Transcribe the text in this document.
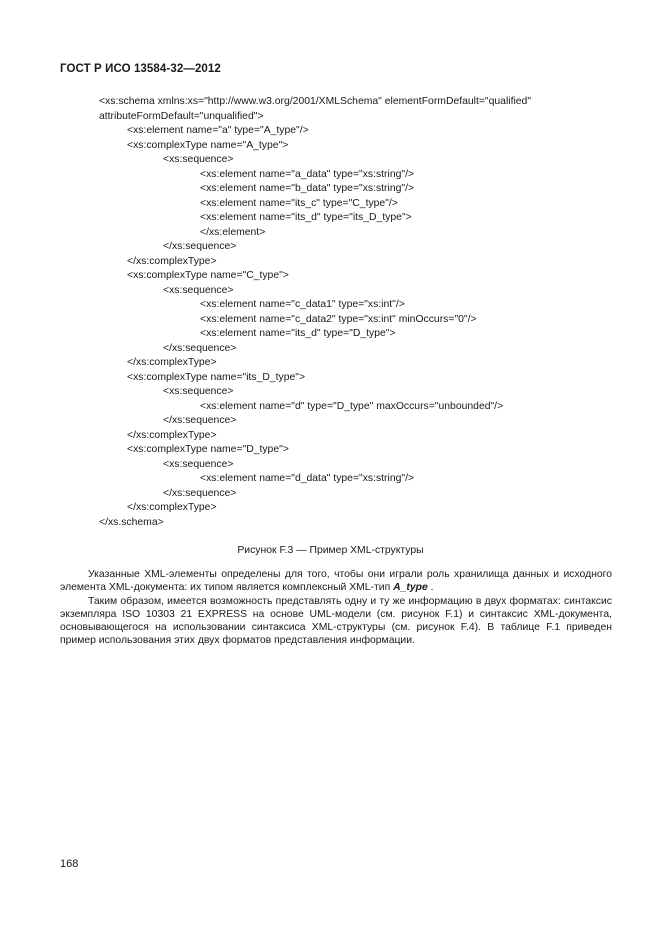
ГОСТ Р ИСО 13584-32—2012
<xs:schema xmlns:xs="http://www.w3.org/2001/XMLSchema" elementFormDefault="qualified" attributeFormDefault="unqualified">
<xs:element name="a" type="A_type"/>
<xs:complexType name="A_type">
<xs:sequence>
<xs:element name="a_data" type="xs:string"/>
<xs:element name="b_data" type="xs:string"/>
<xs:element name="its_c" type="C_type"/>
<xs:element name="its_d" type="its_D_type">
</xs:element>
</xs:sequence>
</xs:complexType>
<xs:complexType name="C_type">
<xs:sequence>
<xs:element name="c_data1" type="xs:int"/>
<xs:element name="c_data2" type="xs:int" minOccurs="0"/>
<xs:element name="its_d" type="D_type">
</xs:sequence>
</xs:complexType>
<xs:complexType name="its_D_type">
<xs:sequence>
<xs:element name="d" type="D_type" maxOccurs="unbounded"/>
</xs:sequence>
</xs:complexType>
<xs:complexType name="D_type">
<xs:sequence>
<xs:element name="d_data" type="xs:string"/>
</xs:sequence>
</xs:complexType>
</xs.schema>
Рисунок F.3 — Пример XML-структуры

Указанные XML-элементы определены для того, чтобы они играли роль хранилища данных и исходного элемента XML-документа: их типом является комплексный XML-тип A_type .

Таким образом, имеется возможность представлять одну и ту же информацию в двух форматах: синтаксис экземпляра ISO 10303 21 EXPRESS на основе UML-модели (см. рисунок F.1) и синтаксис XML-документа, основывающегося на использовании синтаксиса XML-структуры (см. рисунок F.4). В таблице F.1 приведен пример использования этих двух форматов представления информации.

168
